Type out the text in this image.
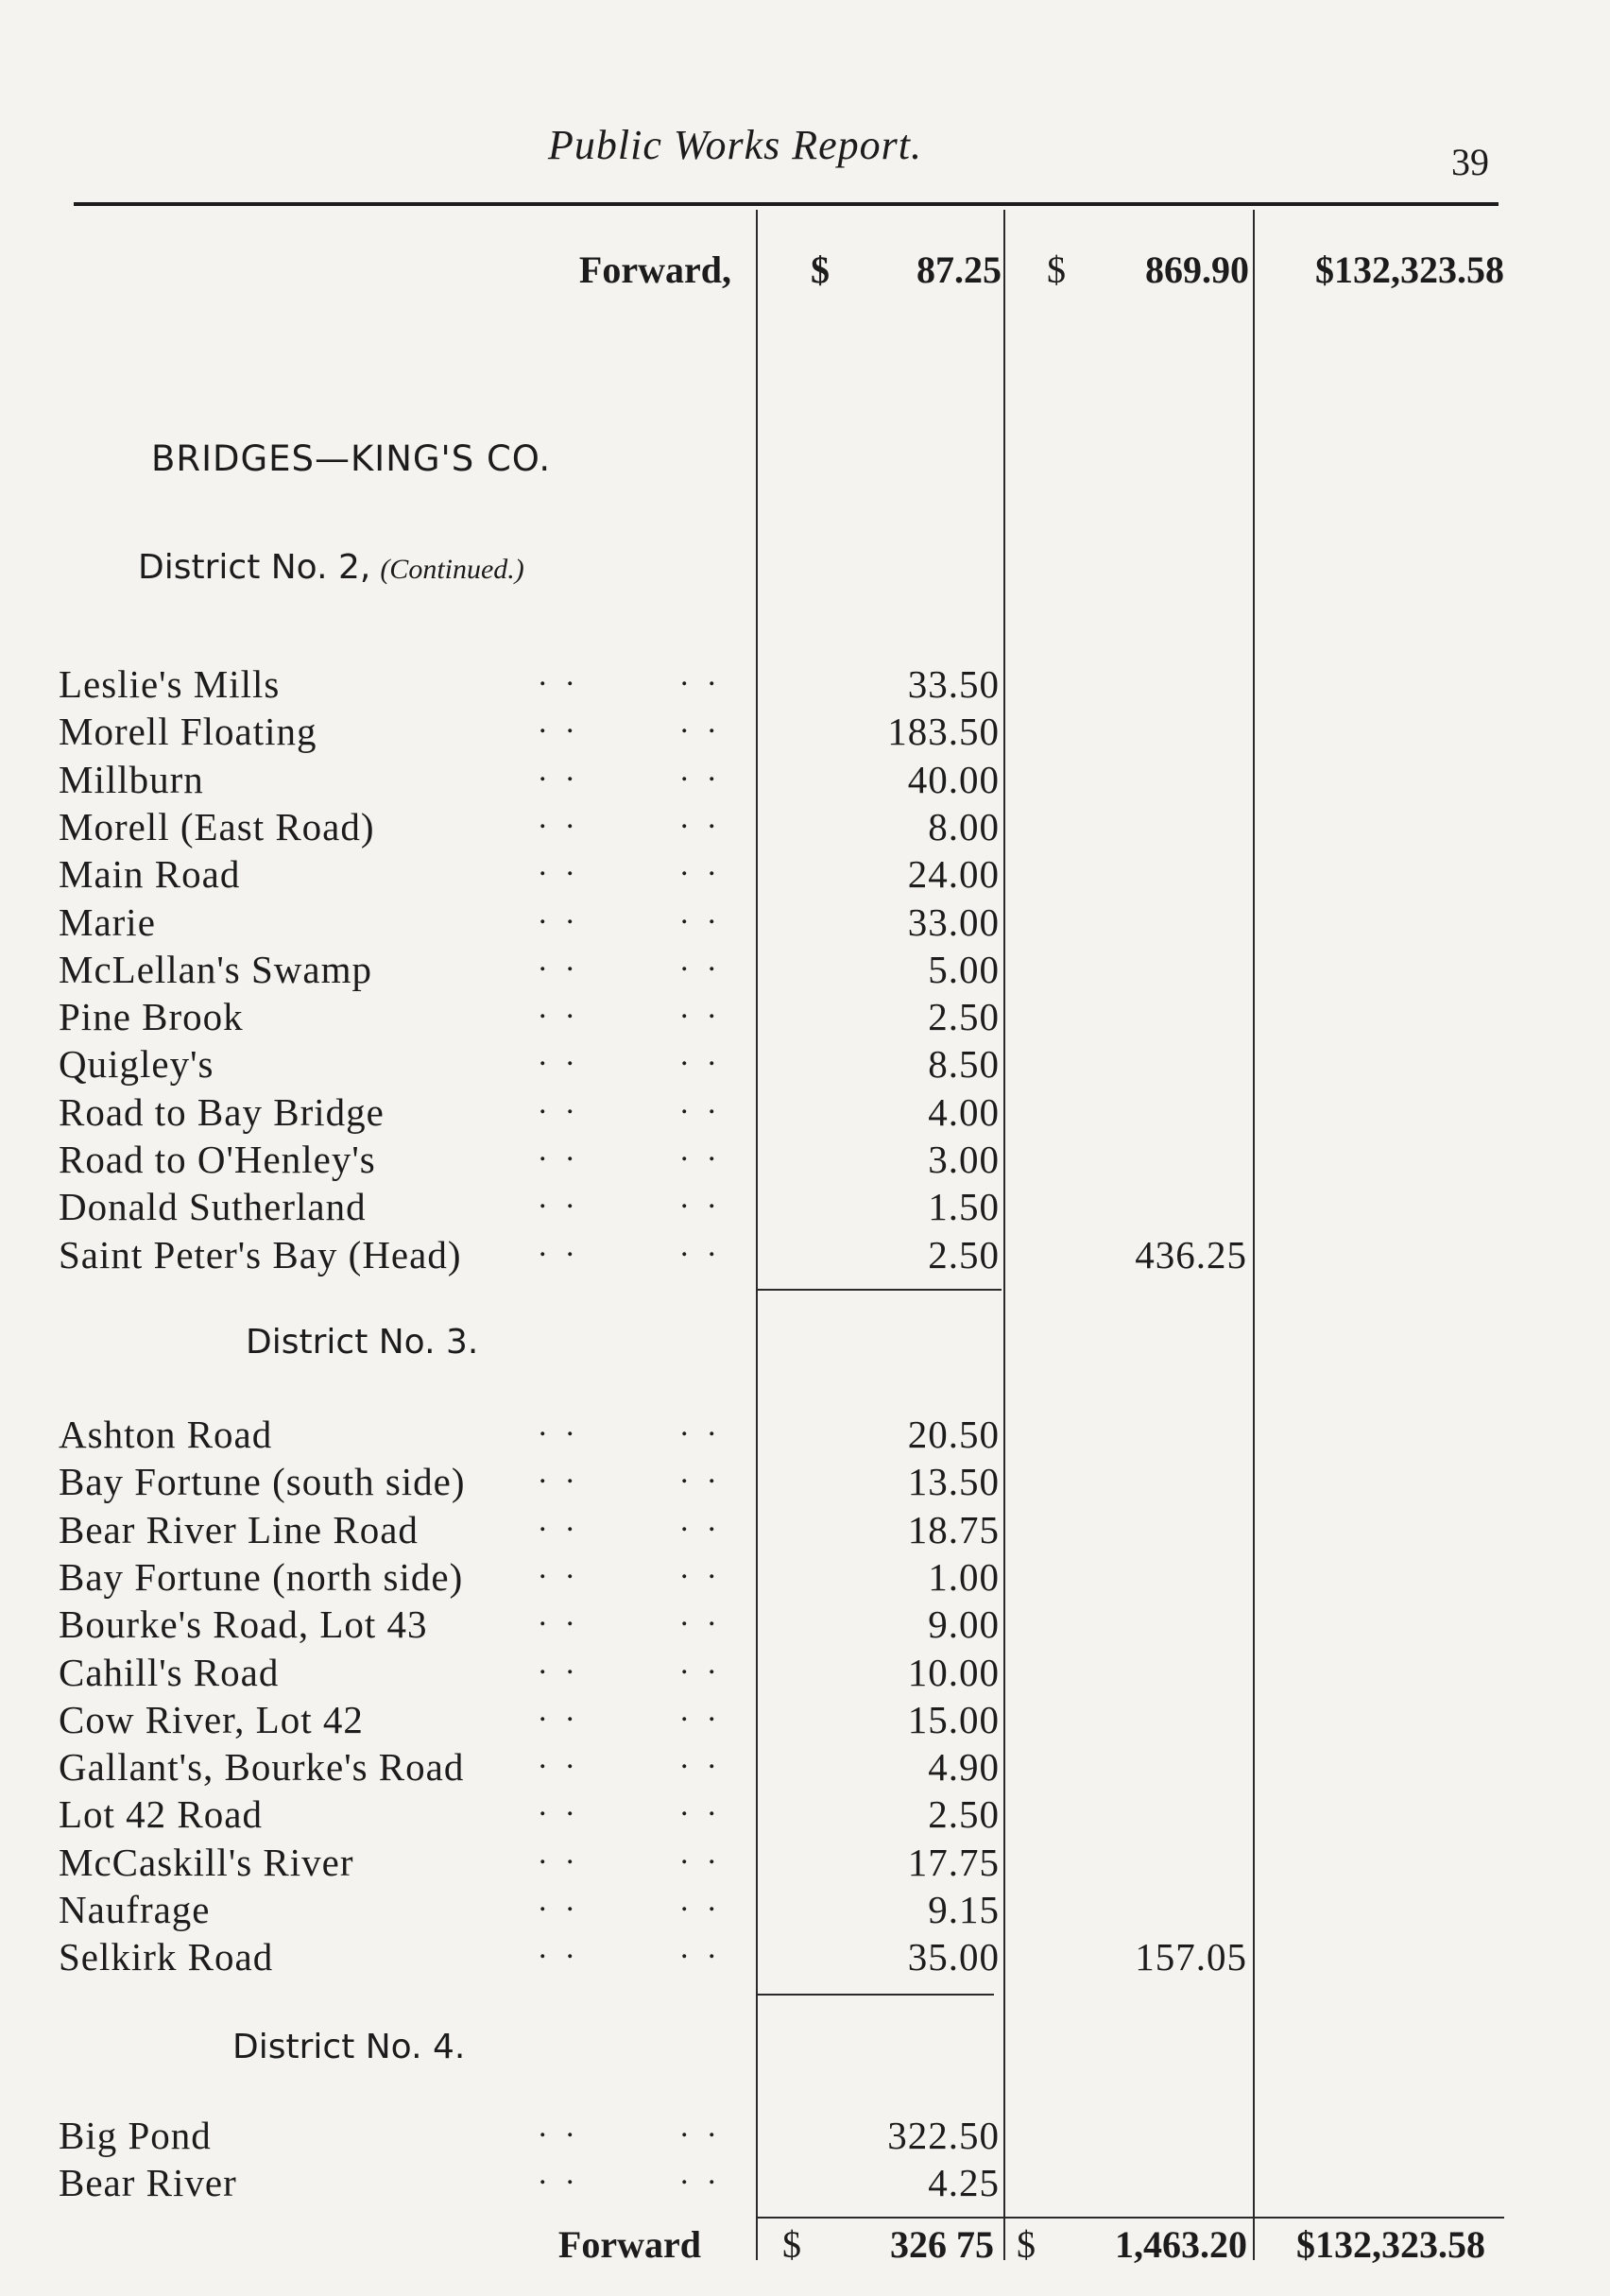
Public Works Report.	39
Forward, $ 87.25 $ 869.90 $132,323.58
BRIDGES—KING'S CO.
District No. 2, (Continued.)
Leslie's Mills	. .	. .	33.50
Morell Floating	. .	. .	183.50
Millburn	. .	. .	40.00
Morell (East Road)	. .	. .	8.00
Main Road	. .	. .	24.00
Marie	. .	. .	33.00
McLellan's Swamp	. .	. .	5.00
Pine Brook	. .	. .	2.50
Quigley's	. .	. .	8.50
Road to Bay Bridge	. .	. .	4.00
Road to O'Henley's	. .	. .	3.00
Donald Sutherland	. .	. .	1.50
Saint Peter's Bay (Head) . .	. .	2.50	436.25
District No. 3.
Ashton Road	. .	. .	20.50
Bay Fortune (south side) . .	. .	13.50
Bear River Line Road	. .	. .	18.75
Bay Fortune (north side) . .	. .	1.00
Bourke's Road, Lot 43	. .	. .	9.00
Cahill's Road	. .	. .	10.00
Cow River, Lot 42	. .	. .	15.00
Gallant's, Bourke's Road . .	. .	4.90
Lot 42 Road	. .	. .	2.50
McCaskill's River	. .	. .	17.75
Naufrage	. .	. .	9.15
Selkirk Road	. .	. .	35.00	157.05
District No. 4.
Big Pond	. .	. .	322.50
Bear River	. .	. .	4.25
Forward $ 326 75 $ 1,463.20 $132,323.58
